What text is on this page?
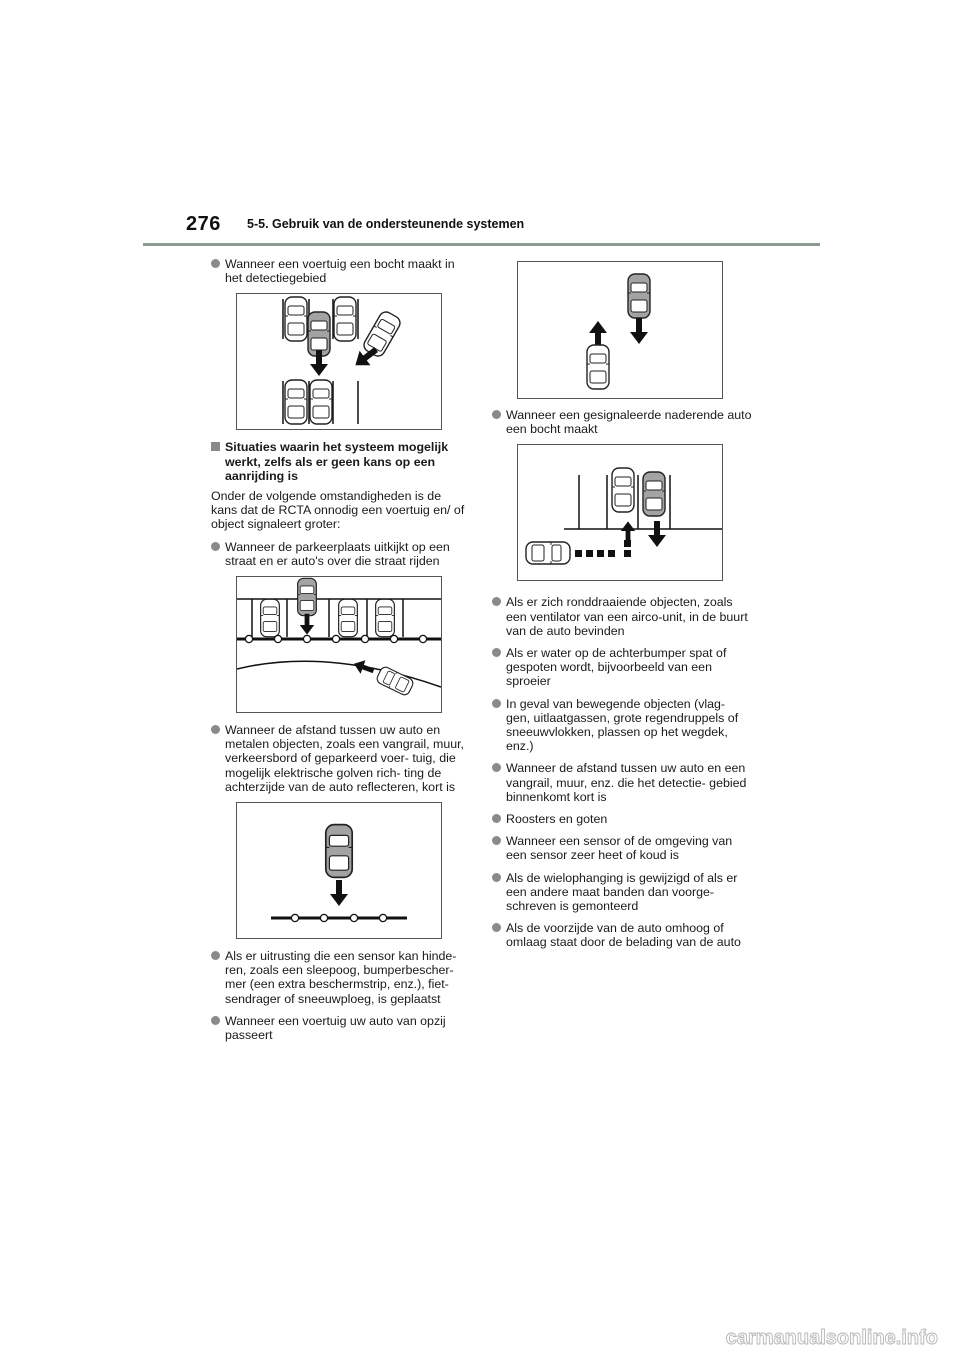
276 5-5. Gebruik van de ondersteunende systemen
Wanneer een voertuig een bocht maakt in het detectiegebied
Situaties waarin het systeem mogelijk werkt, zelfs als er geen kans op een aanrijding is
Onder de volgende omstandigheden is de kans dat de RCTA onnodig een voertuig en/ of object signaleert groter:
Wanneer de parkeerplaats uitkijkt op een straat en er auto's over die straat rijden
Wanneer de afstand tussen uw auto en metalen objecten, zoals een vangrail, muur, verkeersbord of geparkeerd voer- tuig, die mogelijk elektrische golven rich- ting de achterzijde van de auto reflecteren, kort is
Als er uitrusting die een sensor kan hinde- ren, zoals een sleepoog, bumperbescher- mer (een extra beschermstrip, enz.), fiet- sendrager of sneeuwploeg, is geplaatst
Wanneer een voertuig uw auto van opzij passeert
Wanneer een gesignaleerde naderende auto een bocht maakt
Als er zich ronddraaiende objecten, zoals een ventilator van een airco-unit, in de buurt van de auto bevinden
Als er water op de achterbumper spat of gespoten wordt, bijvoorbeeld van een sproeier
In geval van bewegende objecten (vlag- gen, uitlaatgassen, grote regendruppels of sneeuwvlokken, plassen op het wegdek, enz.)
Wanneer de afstand tussen uw auto en een vangrail, muur, enz. die het detectie- gebied binnenkomt kort is
Roosters en goten
Wanneer een sensor of de omgeving van een sensor zeer heet of koud is
Als de wielophanging is gewijzigd of als er een andere maat banden dan voorge- schreven is gemonteerd
Als de voorzijde van de auto omhoog of omlaag staat door de belading van de auto
carmanualsonline.info
